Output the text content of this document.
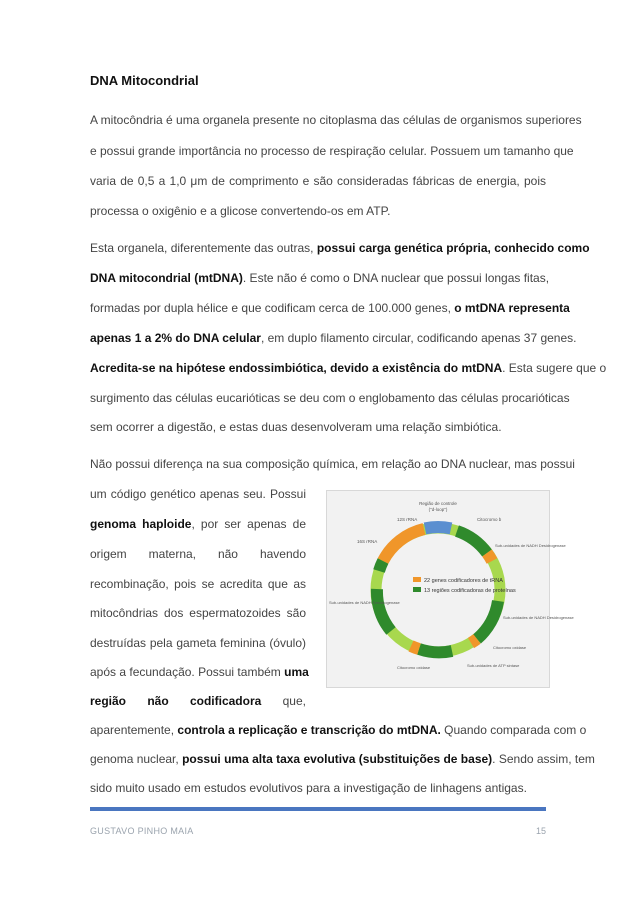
DNA Mitocondrial
A mitocôndria é uma organela presente no citoplasma das células de organismos superiores
e possui grande importância no processo de respiração celular. Possuem um tamanho que
varia de 0,5 a 1,0 μm de comprimento e são consideradas fábricas de energia, pois
processa o oxigênio e a glicose convertendo-os em ATP.
Esta organela, diferentemente das outras, possui carga genética própria, conhecido como
DNA mitocondrial (mtDNA). Este não é como o DNA nuclear que possui longas fitas,
formadas por dupla hélice e que codificam cerca de 100.000 genes, o mtDNA representa
apenas 1 a 2% do DNA celular, em duplo filamento circular, codificando apenas 37 genes.
Acredita-se na hipótese endossimbiótica, devido a existência do mtDNA. Esta sugere que o
surgimento das células eucarióticas se deu com o englobamento das células procarióticas
sem ocorrer a digestão, e estas duas desenvolveram uma relação simbiótica.
Não possui diferença na sua composição química, em relação ao DNA nuclear, mas possui
um código genético apenas seu. Possui
genoma haploide, por ser apenas de
origem materna, não havendo
recombinação, pois se acredita que as
mitocôndrias dos espermatozoides são
destruídas pela gameta feminina (óvulo)
após a fecundação. Possui também uma
região não codificadora que,
aparentemente, controla a replicação e transcrição do mtDNA. Quando comparada com o
genoma nuclear, possui uma alta taxa evolutiva (substituições de base). Sendo assim, tem
sido muito usado em estudos evolutivos para a investigação de linhagens antigas.
22 genes codificadores de tRNA
13 regiões codificadoras de proteínas
Região de controle
("d-loop")
12S rRNA
16S rRNA
Citocromo b
Sub-unidades de NADH Desidrogenase
Sub-unidades de NADH Desidrogenase
Sub-unidades de NADH Desidrogenase
Citocromo oxidase
Citocromo oxidase	Sub-unidades de ATP sintase
GUSTAVO PINHO MAIA	15
